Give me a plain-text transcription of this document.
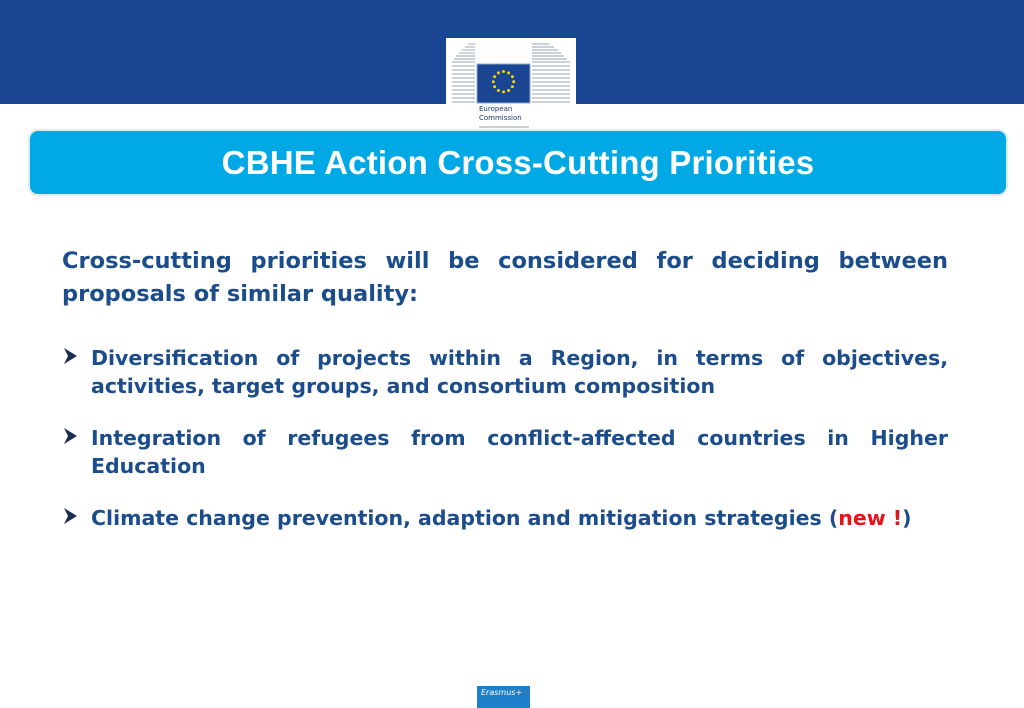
European
Commission
CBHE Action Cross-Cutting Priorities

Cross-cutting priorities will be considered for deciding between proposals of similar quality:

Diversification of projects within a Region, in terms of objectives, activities, target groups, and consortium composition
Integration of refugees from conflict-affected countries in Higher Education
Climate change prevention, adaption and mitigation strategies (new !)
Erasmus+
